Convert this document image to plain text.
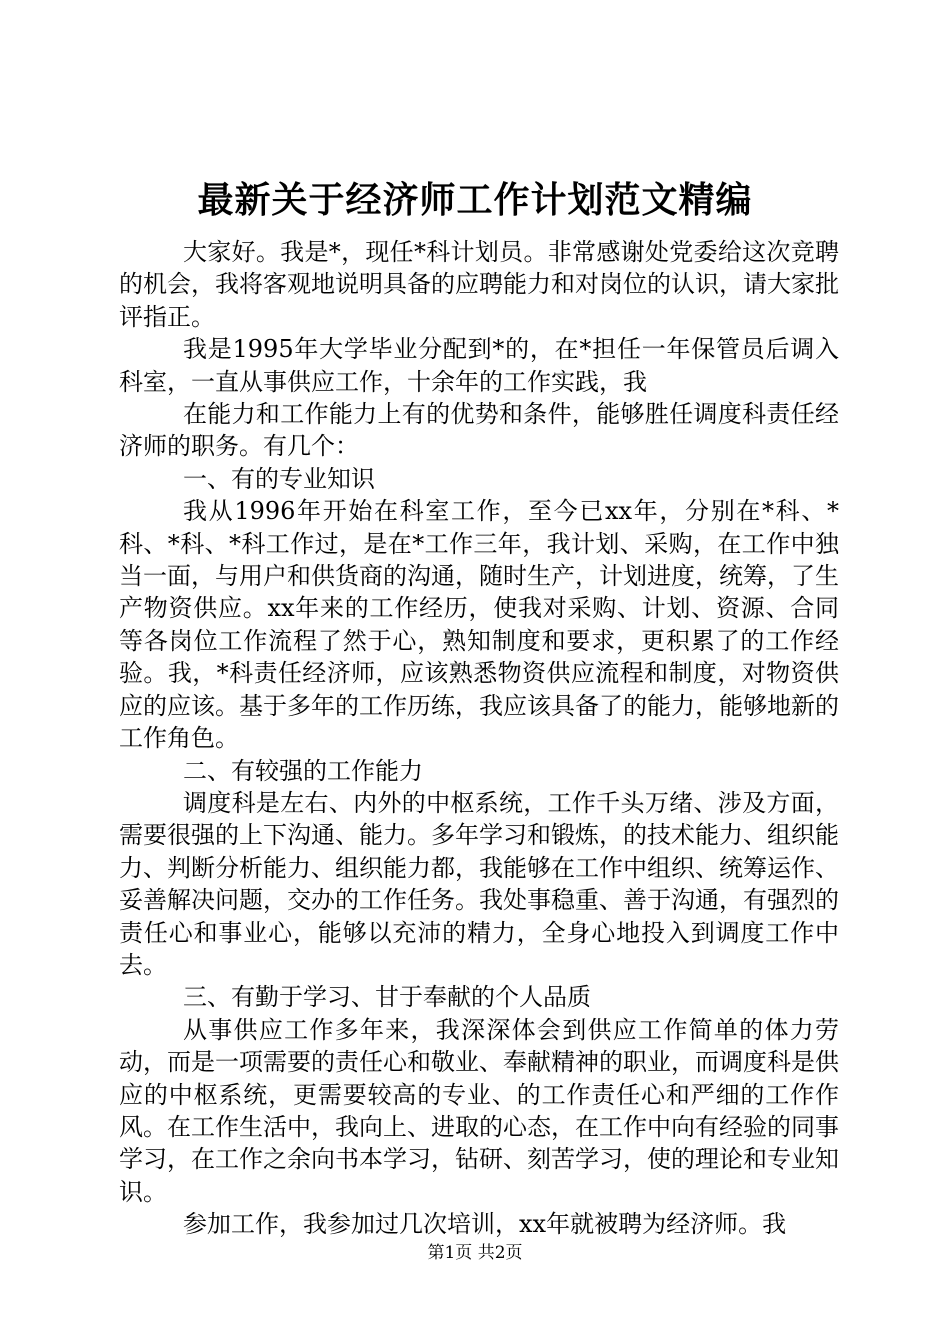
最新关于经济师工作计划范文精编

大家好。我是*，现任*科计划员。非常感谢处党委给这次竞聘的机会，我将客观地说明具备的应聘能力和对岗位的认识，请大家批评指正。

我是1995年大学毕业分配到*的，在*担任一年保管员后调入科室，一直从事供应工作，十余年的工作实践，我

在能力和工作能力上有的优势和条件，能够胜任调度科责任经济师的职务。有几个：

一、有的专业知识

我从1996年开始在科室工作，至今已xx年，分别在*科、*科、*科、*科工作过，是在*工作三年，我计划、采购，在工作中独当一面，与用户和供货商的沟通，随时生产，计划进度，统筹，了生产物资供应。xx年来的工作经历，使我对采购、计划、资源、合同等各岗位工作流程了然于心，熟知制度和要求，更积累了的工作经验。我，*科责任经济师，应该熟悉物资供应流程和制度，对物资供应的应该。基于多年的工作历练，我应该具备了的能力，能够地新的工作角色。

二、有较强的工作能力

调度科是左右、内外的中枢系统，工作千头万绪、涉及方面，需要很强的上下沟通、能力。多年学习和锻炼，的技术能力、组织能力、判断分析能力、组织能力都，我能够在工作中组织、统筹运作、妥善解决问题，交办的工作任务。我处事稳重、善于沟通，有强烈的责任心和事业心，能够以充沛的精力，全身心地投入到调度工作中去。

三、有勤于学习、甘于奉献的个人品质

从事供应工作多年来，我深深体会到供应工作简单的体力劳动，而是一项需要的责任心和敬业、奉献精神的职业，而调度科是供应的中枢系统，更需要较高的专业、的工作责任心和严细的工作作风。在工作生活中，我向上、进取的心态，在工作中向有经验的同事学习，在工作之余向书本学习，钻研、刻苦学习，使的理论和专业知识。

参加工作，我参加过几次培训，xx年就被聘为经济师。我

第1页 共2页
